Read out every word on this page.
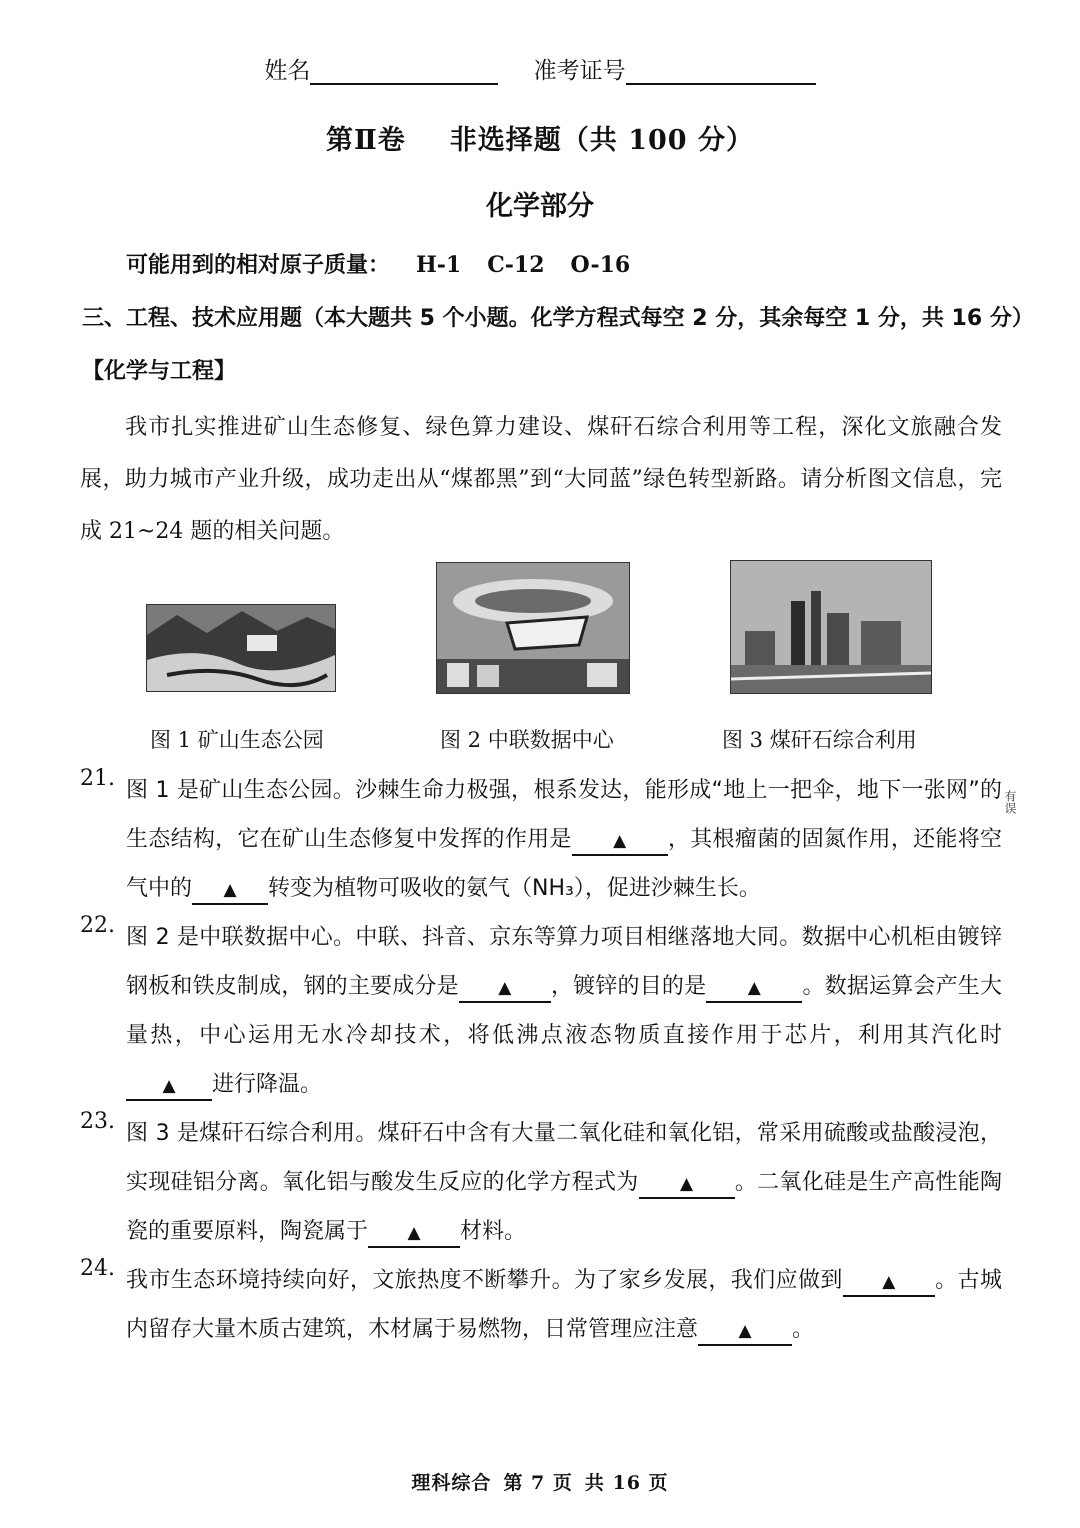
姓名	准考证号
第Ⅱ卷 非选择题（共 100 分）
化学部分
可能用到的相对原子质量： H-1 C-12 O-16
三、工程、技术应用题（本大题共 5 个小题。化学方程式每空 2 分，其余每空 1 分，共 16 分）
【化学与工程】
我市扎实推进矿山生态修复、绿色算力建设、煤矸石综合利用等工程，深化文旅融合发展，助力城市产业升级，成功走出从“煤都黑”到“大同蓝”绿色转型新路。请分析图文信息，完成 21~24 题的相关问题。
图 1 矿山生态公园	图 2 中联数据中心	图 3 煤矸石综合利用
有误
21. 图 1 是矿山生态公园。沙棘生命力极强，根系发达，能形成“地上一把伞，地下一张网”的生态结构，它在矿山生态修复中发挥的作用是 ▲ ，其根瘤菌的固氮作用，还能将空气中的 ▲ 转变为植物可吸收的氨气（NH₃），促进沙棘生长。
22. 图 2 是中联数据中心。中联、抖音、京东等算力项目相继落地大同。数据中心机柜由镀锌钢板和铁皮制成，钢的主要成分是 ▲ ，镀锌的目的是 ▲ 。数据运算会产生大量热，中心运用无水冷却技术，将低沸点液态物质直接作用于芯片，利用其汽化时▲ 进行降温。
23. 图 3 是煤矸石综合利用。煤矸石中含有大量二氧化硅和氧化铝，常采用硫酸或盐酸浸泡，实现硅铝分离。氧化铝与酸发生反应的化学方程式为 ▲ 。二氧化硅是生产高性能陶瓷的重要原料，陶瓷属于 ▲ 材料。
24. 我市生态环境持续向好，文旅热度不断攀升。为了家乡发展，我们应做到 ▲ 。古城内留存大量木质古建筑，木材属于易燃物，日常管理应注意 ▲ 。
理科综合 第 7 页 共 16 页
